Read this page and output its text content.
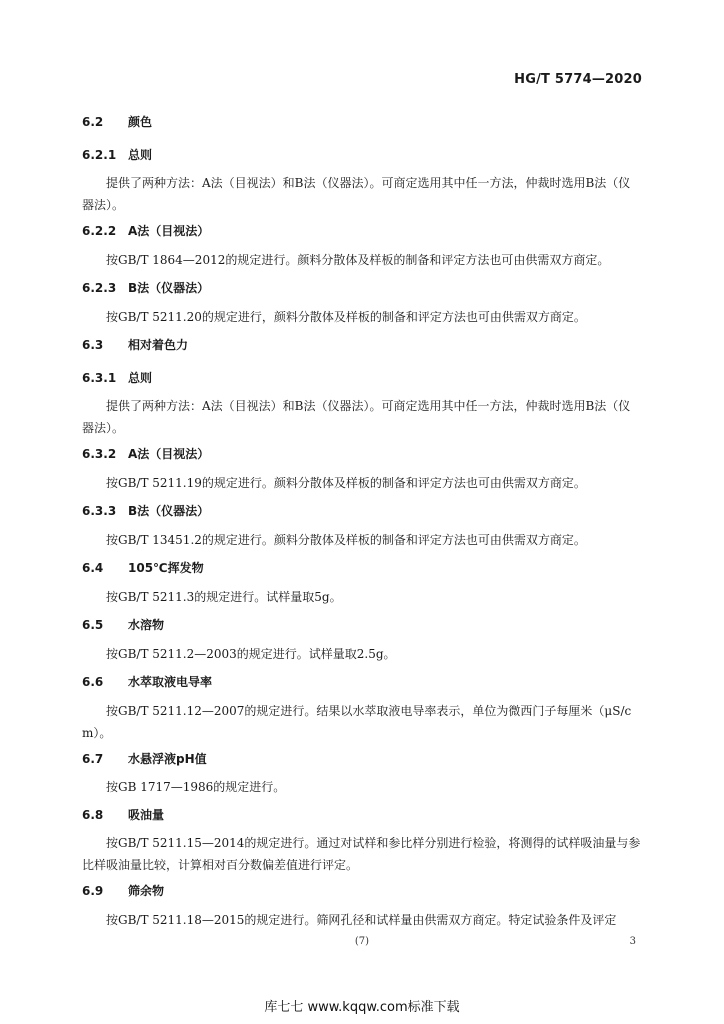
HG/T 5774—2020
6.2 颜色
6.2.1 总则
提供了两种方法：A法（目视法）和B法（仪器法）。可商定选用其中任一方法，仲裁时选用B法（仪器法）。
6.2.2 A法（目视法）
按GB/T 1864—2012的规定进行。颜料分散体及样板的制备和评定方法也可由供需双方商定。
6.2.3 B法（仪器法）
按GB/T 5211.20的规定进行，颜料分散体及样板的制备和评定方法也可由供需双方商定。
6.3 相对着色力
6.3.1 总则
提供了两种方法：A法（目视法）和B法（仪器法）。可商定选用其中任一方法，仲裁时选用B法（仪器法）。
6.3.2 A法（目视法）
按GB/T 5211.19的规定进行。颜料分散体及样板的制备和评定方法也可由供需双方商定。
6.3.3 B法（仪器法）
按GB/T 13451.2的规定进行。颜料分散体及样板的制备和评定方法也可由供需双方商定。
6.4 105℃挥发物
按GB/T 5211.3的规定进行。试样量取5g。
6.5 水溶物
按GB/T 5211.2—2003的规定进行。试样量取2.5g。
6.6 水萃取液电导率
按GB/T 5211.12—2007的规定进行。结果以水萃取液电导率表示，单位为微西门子每厘米（μS/cm）。
6.7 水悬浮液pH值
按GB 1717—1986的规定进行。
6.8 吸油量
按GB/T 5211.15—2014的规定进行。通过对试样和参比样分别进行检验，将测得的试样吸油量与参比样吸油量比较，计算相对百分数偏差值进行评定。
6.9 筛余物
按GB/T 5211.18—2015的规定进行。筛网孔径和试样量由供需双方商定。特定试验条件及评定
(7)	3
库七七 www.kqqw.com标准下载
